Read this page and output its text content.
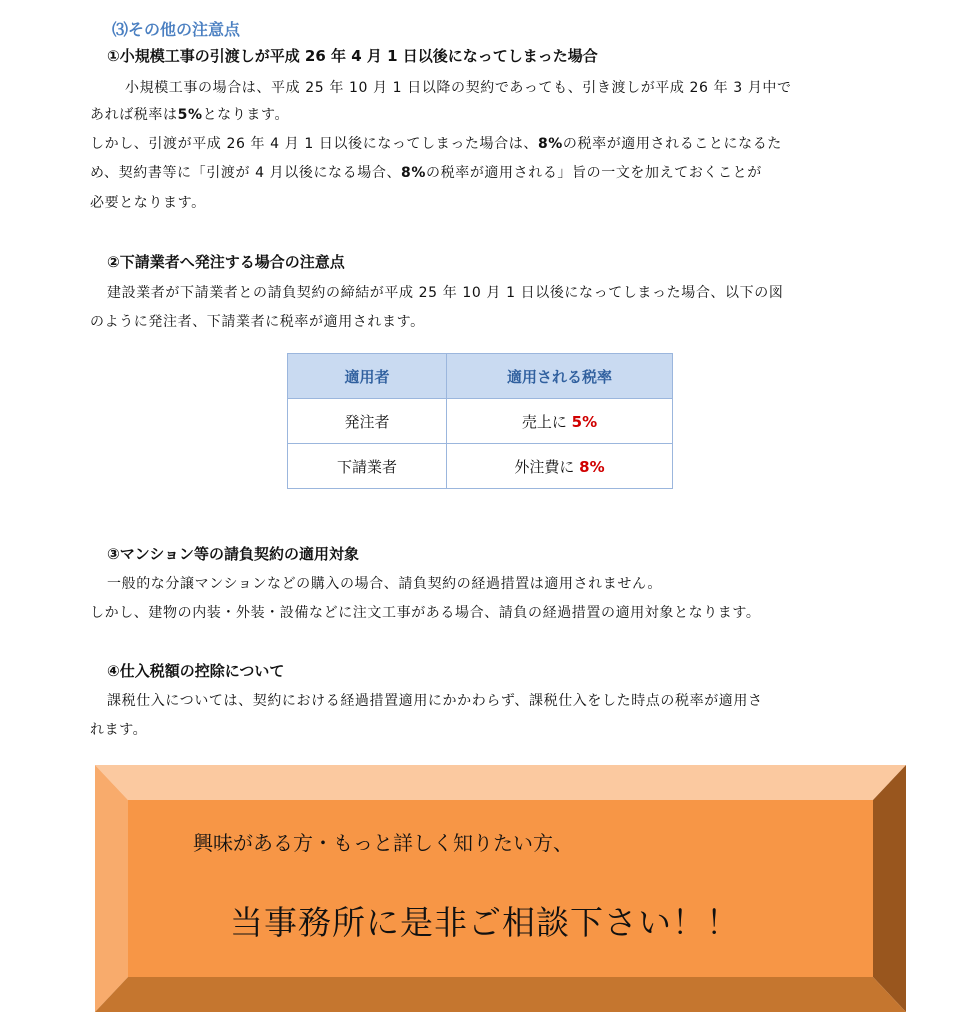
⑶その他の注意点
①小規模工事の引渡しが平成 26 年 4 月 1 日以後になってしまった場合
小規模工事の場合は、平成 25 年 10 月 1 日以降の契約であっても、引き渡しが平成 26 年 3 月中で
あれば税率は5%となります。
しかし、引渡が平成 26 年 4 月 1 日以後になってしまった場合は、8%の税率が適用されることになるた
め、契約書等に「引渡が 4 月以後になる場合、8%の税率が適用される」旨の一文を加えておくことが
必要となります。
②下請業者へ発注する場合の注意点
建設業者が下請業者との請負契約の締結が平成 25 年 10 月 1 日以後になってしまった場合、以下の図
のように発注者、下請業者に税率が適用されます。
適用者	適用される税率
発注者	売上に 5%
下請業者	外注費に 8%
③マンション等の請負契約の適用対象
一般的な分譲マンションなどの購入の場合、請負契約の経過措置は適用されません。
しかし、建物の内装・外装・設備などに注文工事がある場合、請負の経過措置の適用対象となります。
④仕入税額の控除について
課税仕入については、契約における経過措置適用にかかわらず、課税仕入をした時点の税率が適用さ
れます。
興味がある方・もっと詳しく知りたい方、
当事務所に是非ご相談下さい！！
